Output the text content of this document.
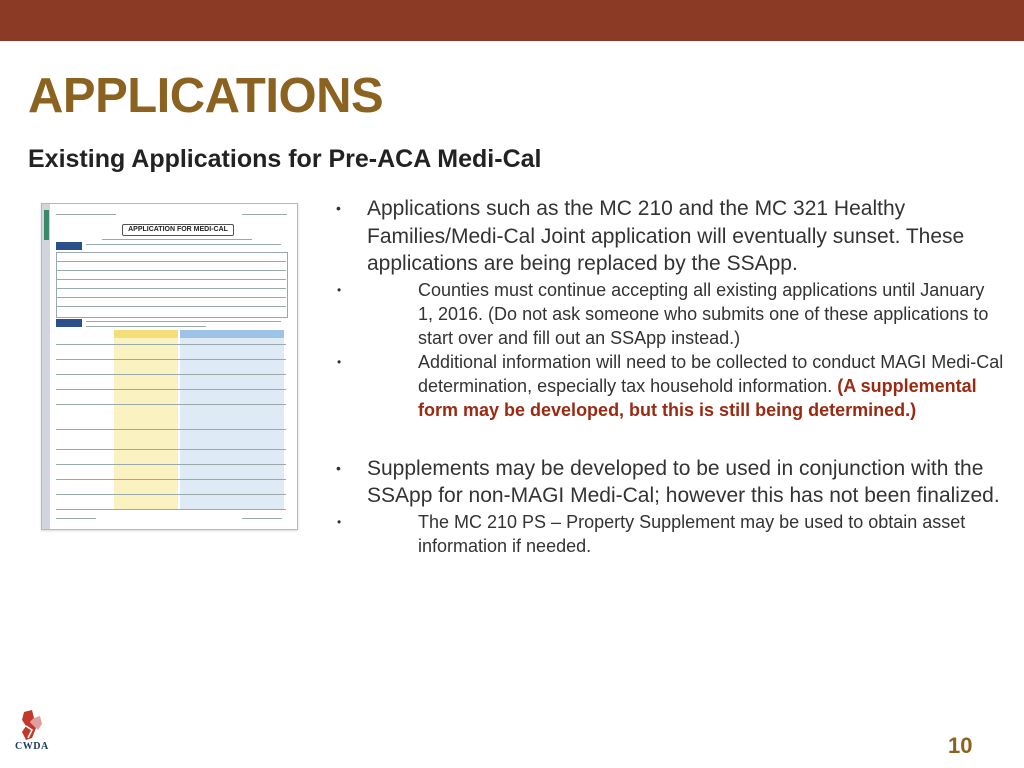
APPLICATIONS
Existing Applications for Pre-ACA Medi-Cal
APPLICATION FOR MEDI-CAL
• Applications such as the MC 210 and the MC 321 Healthy Families/Medi-Cal Joint application will eventually sunset. These applications are being replaced by the SSApp.
•	Counties must continue accepting all existing applications until January 1, 2016. (Do not ask someone who submits one of these applications to start over and fill out an SSApp instead.)
•	Additional information will need to be collected to conduct MAGI Medi-Cal determination, especially tax household information. (A supplemental form may be developed, but this is still being determined.)
• Supplements may be developed to be used in conjunction with the SSApp for non-MAGI Medi-Cal; however this has not been finalized.
•	The MC 210 PS – Property Supplement may be used to obtain asset information if needed.
CWDA	10
